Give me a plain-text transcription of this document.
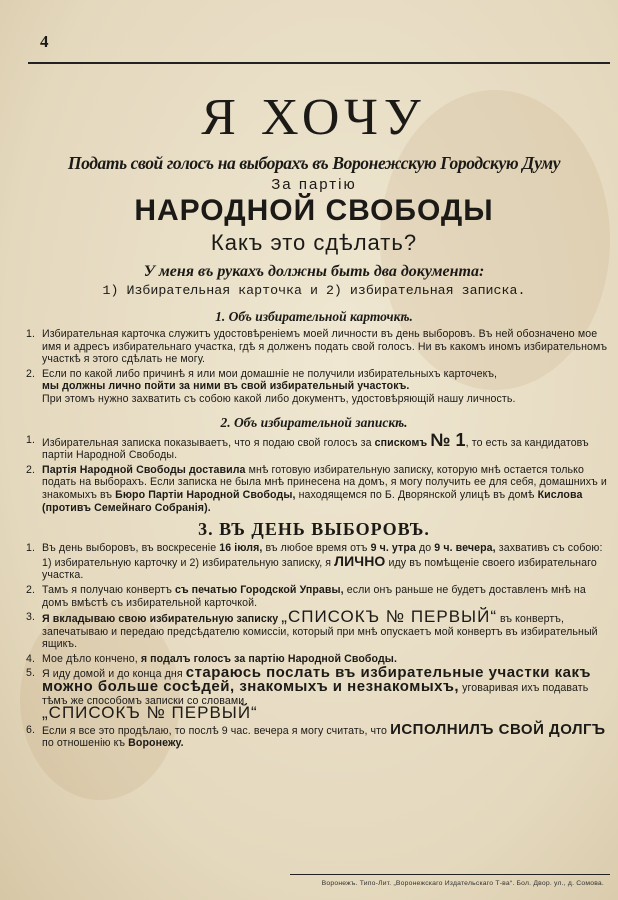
4
Я ХОЧУ
Подать свой голосъ на выборахъ въ Воронежскую Городскую Думу
За партію
НАРОДНОЙ СВОБОДЫ
Какъ это сдѣлать?
У меня въ рукахъ должны быть два документа:
1) Избирательная карточка и 2) избирательная записка.
1. Объ избирательной карточкѣ.
1. Избирательная карточка служитъ удостовѣреніемъ моей личности въ день выборовъ. Въ ней обозначено мое имя и адресъ избирательнаго участка, гдѣ я долженъ подать свой голосъ. Ни въ какомъ иномъ избирательномъ участкѣ я этого сдѣлать не могу.
2. Если по какой либо причинѣ я или мои домашніе не получили избирательныхъ карточекъ,
мы должны лично пойти за ними въ свой избирательный участокъ.
При этомъ нужно захватить съ собою какой либо документъ, удостовѣряющій нашу личность.
2. Объ избирательной запискѣ.
1. Избирательная записка показываетъ, что я подаю свой голосъ за спискомъ № 1, то есть за кандидатовъ партіи Народной Свободы.
2. Партія Народной Свободы доставила мнѣ готовую избирательную записку, которую мнѣ остается только подать на выборахъ. Если записка не была мнѣ принесена на домъ, я могу получить ее для себя, домашнихъ и знакомыхъ въ Бюро Партіи Народной Свободы, находящемся по Б. Дворянской улицѣ въ домѣ Кислова (противъ Семейнаго Собранія).
3. ВЪ ДЕНЬ ВЫБОРОВЪ.
1. Въ день выборовъ, въ воскресеніе 16 іюля, въ любое время отъ 9 ч. утра до 9 ч. вечера, захвативъ съ собою: 1) избирательную карточку и 2) избирательную записку, я ЛИЧНО иду въ помѣщеніе своего избирательнаго участка.
2. Тамъ я получаю конвертъ съ печатью Городской Управы, если онъ раньше не будетъ доставленъ мнѣ на домъ вмѣстѣ съ избирательной карточкой.
3. Я вкладываю свою избирательную записку „СПИСОКЪ № ПЕРВЫЙ“ въ конвертъ, запечатываю и передаю предсѣдателю комиссіи, который при мнѣ опускаетъ мой конвертъ въ избирательный ящикъ.
4. Мое дѣло кончено, я подалъ голосъ за партію Народной Свободы.
5. Я иду домой и до конца дня стараюсь послать въ избирательные участки какъ можно больше сосѣдей, знакомыхъ и незнакомыхъ, уговаривая ихъ подавать тѣмъ же способомъ записки со словами
„СПИСОКЪ № ПЕРВЫЙ“
6. Если я все это продѣлаю, то послѣ 9 час. вечера я могу считать, что ИСПОЛНИЛЪ СВОЙ ДОЛГЪ по отношенію къ Воронежу.
Воронежъ. Типо-Лит. „Воронежскаго Издательскаго Т-ва“. Бол. Двор. ул., д. Сомова.
